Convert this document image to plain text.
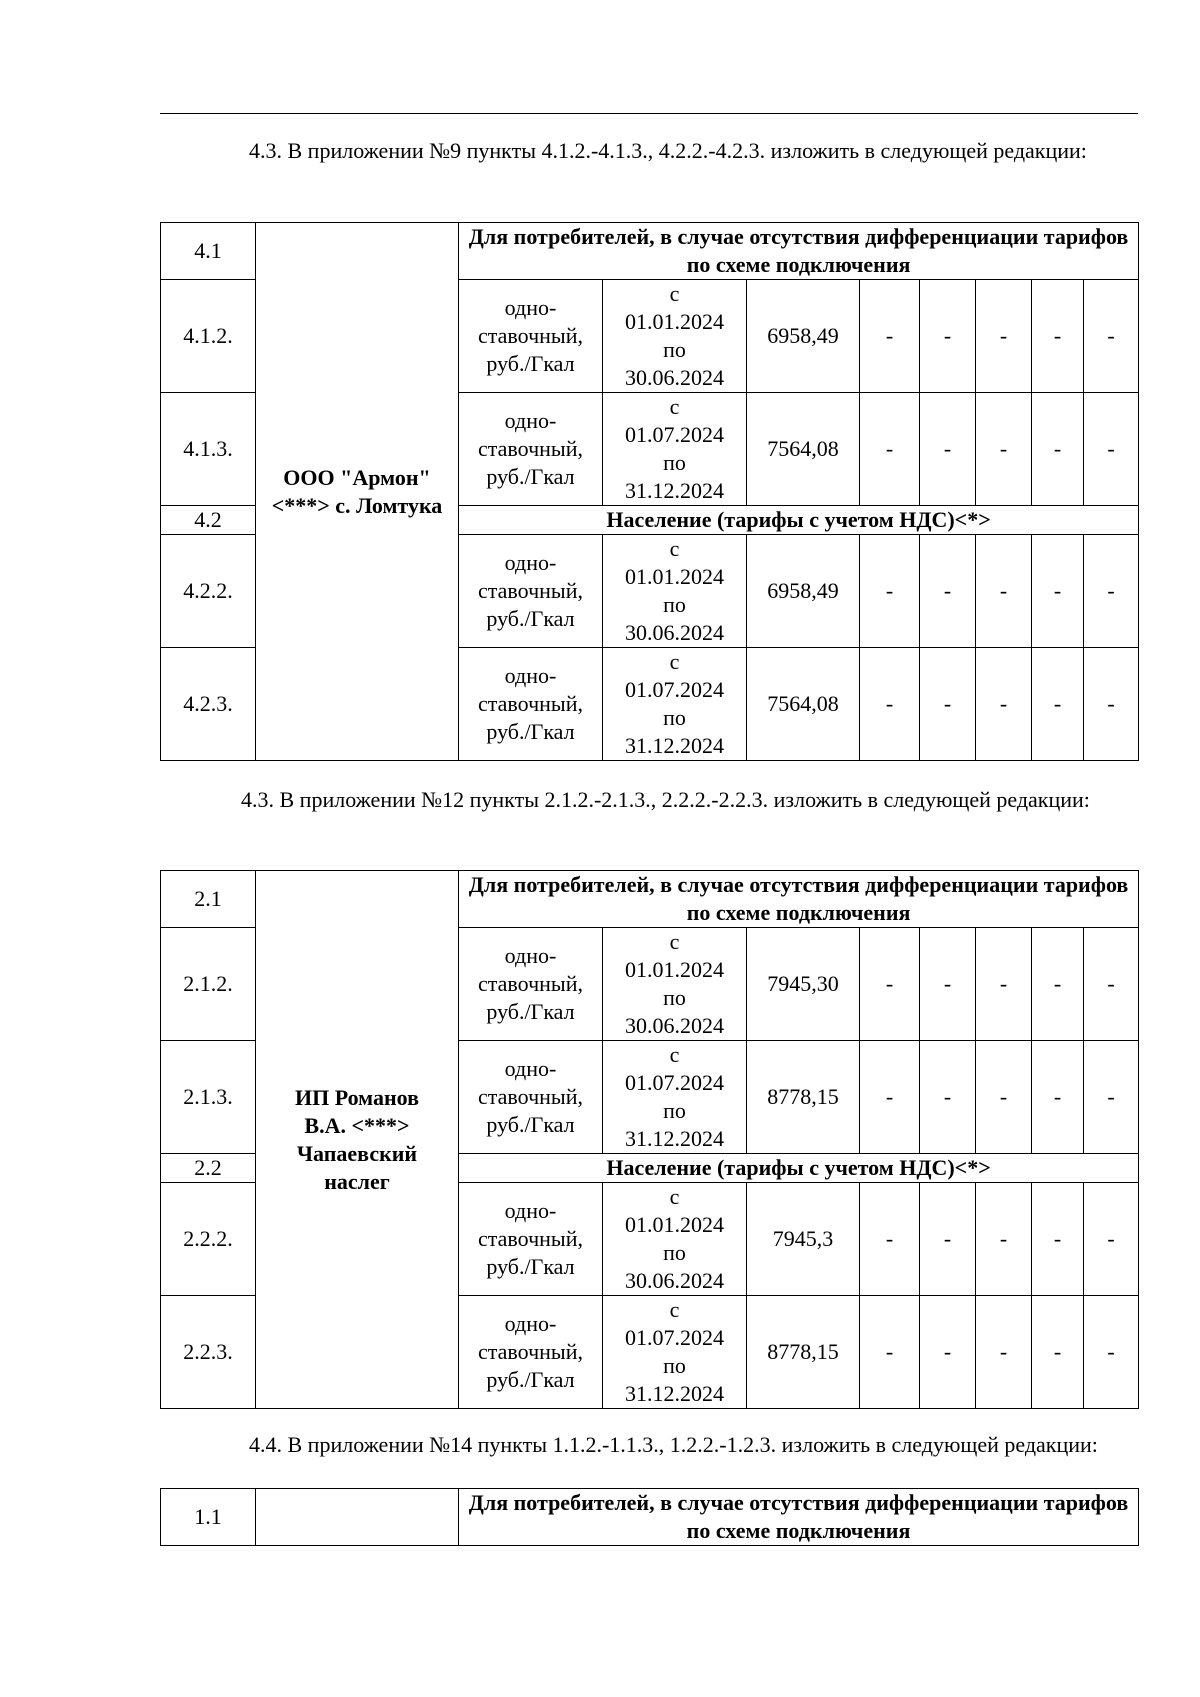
4.3. В приложении №9 пункты 4.1.2.-4.1.3., 4.2.2.-4.2.3. изложить в следующей редакции:

4.1	ООО "Армон" <***> с. Ломтука	Для потребителей, в случае отсутствия дифференциации тарифов по схеме подключения							
4.1.2.		одно-ставочный, руб./Гкал	с
01.01.2024
по
30.06.2024	6958,49	-	-	-	-	-
4.1.3.		одно-ставочный, руб./Гкал	с
01.07.2024
по
31.12.2024	7564,08	-	-	-	-	-
4.2		Население (тарифы с учетом НДС)<*>							
4.2.2.		одно-ставочный, руб./Гкал	с
01.01.2024
по
30.06.2024	6958,49	-	-	-	-	-
4.2.3.		одно-ставочный, руб./Гкал	с
01.07.2024
по
31.12.2024	7564,08	-	-	-	-	-

4.3. В приложении №12 пункты 2.1.2.-2.1.3., 2.2.2.-2.2.3. изложить в следующей редакции:

2.1	ИП Романов В.А. <***> Чапаевский наслег	Для потребителей, в случае отсутствия дифференциации тарифов по схеме подключения							
2.1.2.		одно-ставочный, руб./Гкал	с
01.01.2024
по
30.06.2024	7945,30	-	-	-	-	-
2.1.3.		одно-ставочный, руб./Гкал	с
01.07.2024
по
31.12.2024	8778,15	-	-	-	-	-
2.2		Население (тарифы с учетом НДС)<*>							
2.2.2.		одно-ставочный, руб./Гкал	с
01.01.2024
по
30.06.2024	7945,3	-	-	-	-	-
2.2.3.		одно-ставочный, руб./Гкал	с
01.07.2024
по
31.12.2024	8778,15	-	-	-	-	-

4.4. В приложении №14 пункты 1.1.2.-1.1.3., 1.2.2.-1.2.3. изложить в следующей редакции:

1.1		Для потребителей, в случае отсутствия дифференциации тарифов по схеме подключения
